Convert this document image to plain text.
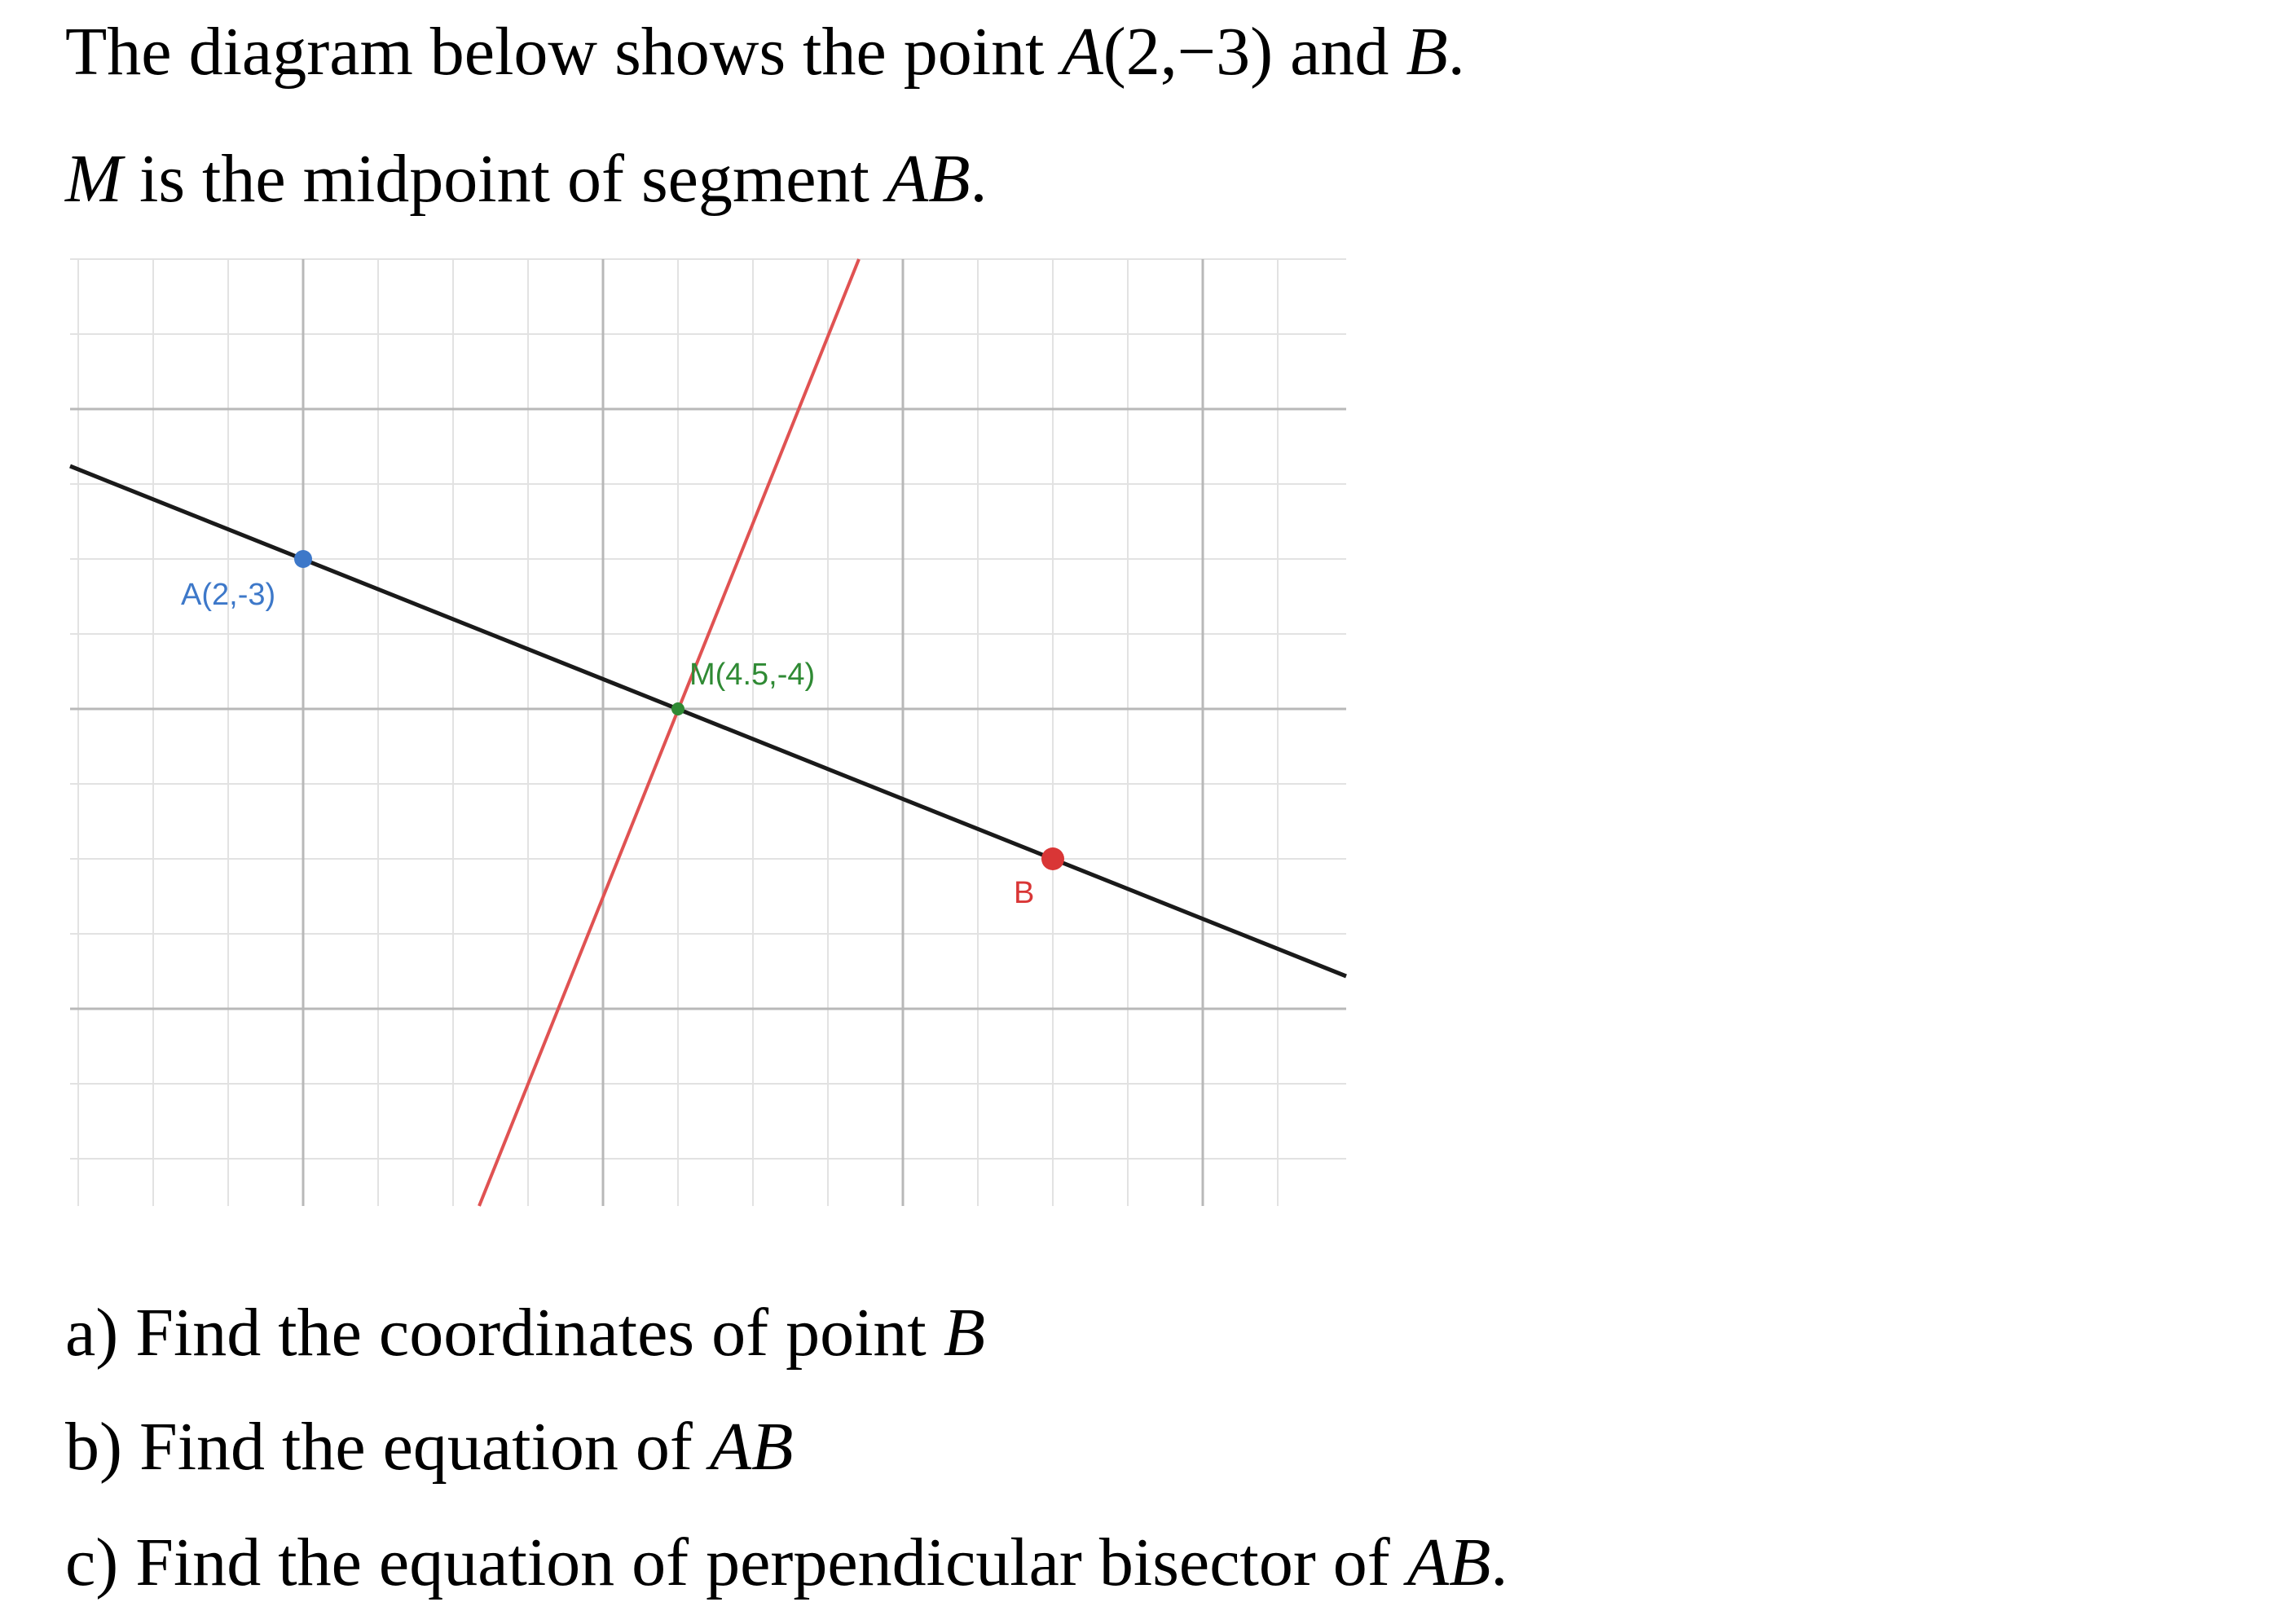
The diagram below shows the point A(2,−3) and B.
M is the midpoint of segment AB.
A(2,-3)
M(4.5,-4)
B
a) Find the coordinates of point B
b) Find the equation of AB
c) Find the equation of perpendicular bisector of AB.
